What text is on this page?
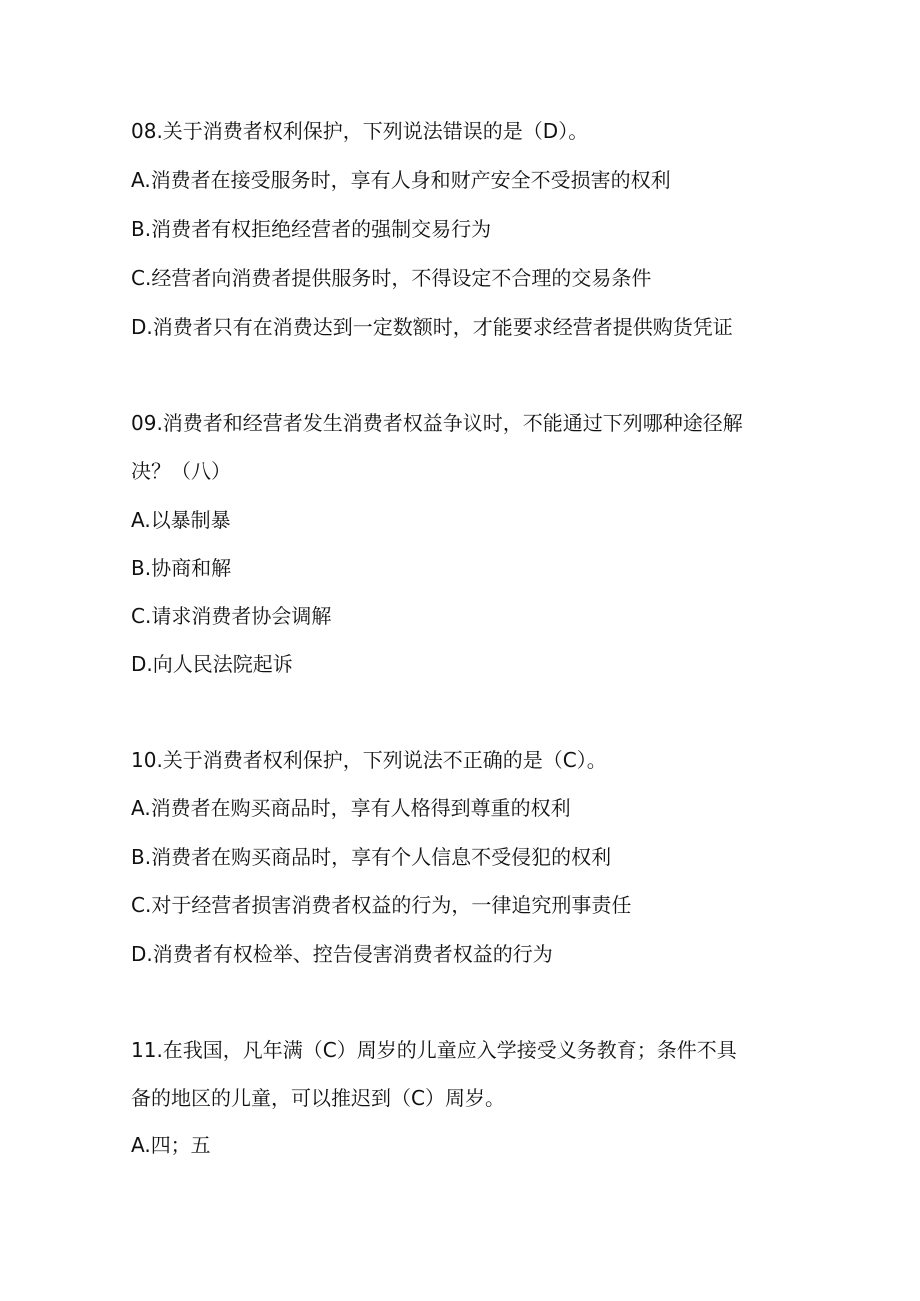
08.关于消费者权利保护，下列说法错误的是（D）。
A.消费者在接受服务时，享有人身和财产安全不受损害的权利
B.消费者有权拒绝经营者的强制交易行为
C.经营者向消费者提供服务时，不得设定不合理的交易条件
D.消费者只有在消费达到一定数额时，才能要求经营者提供购货凭证
09.消费者和经营者发生消费者权益争议时，不能通过下列哪种途径解
决？（八）
A.以暴制暴
B.协商和解
C.请求消费者协会调解
D.向人民法院起诉
10.关于消费者权利保护，下列说法不正确的是（C）。
A.消费者在购买商品时，享有人格得到尊重的权利
B.消费者在购买商品时，享有个人信息不受侵犯的权利
C.对于经营者损害消费者权益的行为，一律追究刑事责任
D.消费者有权检举、控告侵害消费者权益的行为
11.在我国，凡年满（C）周岁的儿童应入学接受义务教育；条件不具
备的地区的儿童，可以推迟到（C）周岁。
A.四；五
